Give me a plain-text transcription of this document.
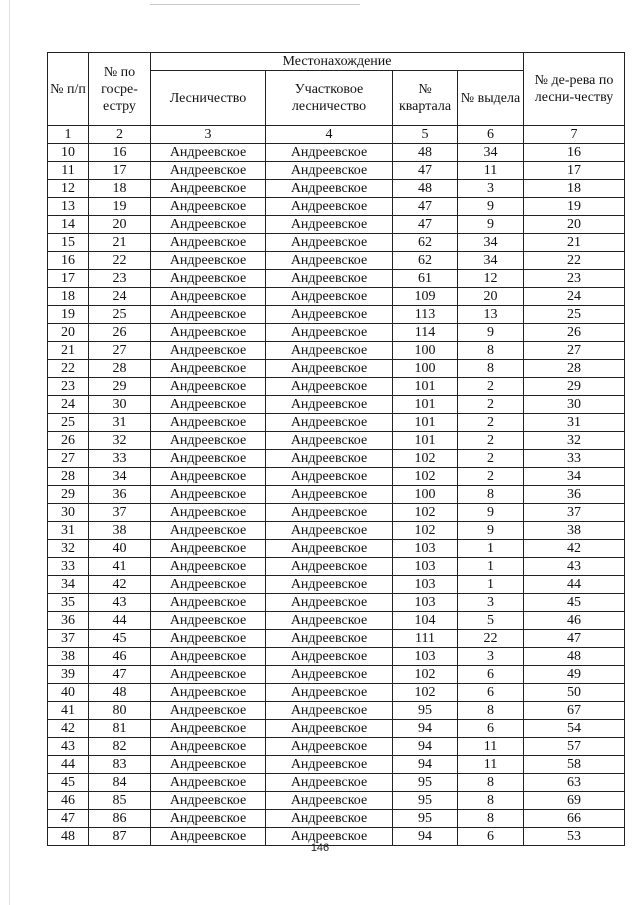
№ п/п	№ по госре-естру	Местонахождение				№ де-рева по лесни-честву
		Лесничество	Участковое лесничество	№ квартала	№ выдела	
1	2	3	4	5	6	7
10	16	Андреевское	Андреевское	48	34	16
11	17	Андреевское	Андреевское	47	11	17
12	18	Андреевское	Андреевское	48	3	18
13	19	Андреевское	Андреевское	47	9	19
14	20	Андреевское	Андреевское	47	9	20
15	21	Андреевское	Андреевское	62	34	21
16	22	Андреевское	Андреевское	62	34	22
17	23	Андреевское	Андреевское	61	12	23
18	24	Андреевское	Андреевское	109	20	24
19	25	Андреевское	Андреевское	113	13	25
20	26	Андреевское	Андреевское	114	9	26
21	27	Андреевское	Андреевское	100	8	27
22	28	Андреевское	Андреевское	100	8	28
23	29	Андреевское	Андреевское	101	2	29
24	30	Андреевское	Андреевское	101	2	30
25	31	Андреевское	Андреевское	101	2	31
26	32	Андреевское	Андреевское	101	2	32
27	33	Андреевское	Андреевское	102	2	33
28	34	Андреевское	Андреевское	102	2	34
29	36	Андреевское	Андреевское	100	8	36
30	37	Андреевское	Андреевское	102	9	37
31	38	Андреевское	Андреевское	102	9	38
32	40	Андреевское	Андреевское	103	1	42
33	41	Андреевское	Андреевское	103	1	43
34	42	Андреевское	Андреевское	103	1	44
35	43	Андреевское	Андреевское	103	3	45
36	44	Андреевское	Андреевское	104	5	46
37	45	Андреевское	Андреевское	111	22	47
38	46	Андреевское	Андреевское	103	3	48
39	47	Андреевское	Андреевское	102	6	49
40	48	Андреевское	Андреевское	102	6	50
41	80	Андреевское	Андреевское	95	8	67
42	81	Андреевское	Андреевское	94	6	54
43	82	Андреевское	Андреевское	94	11	57
44	83	Андреевское	Андреевское	94	11	58
45	84	Андреевское	Андреевское	95	8	63
46	85	Андреевское	Андреевское	95	8	69
47	86	Андреевское	Андреевское	95	8	66
48	87	Андреевское	Андреевское	94	6	53
146
